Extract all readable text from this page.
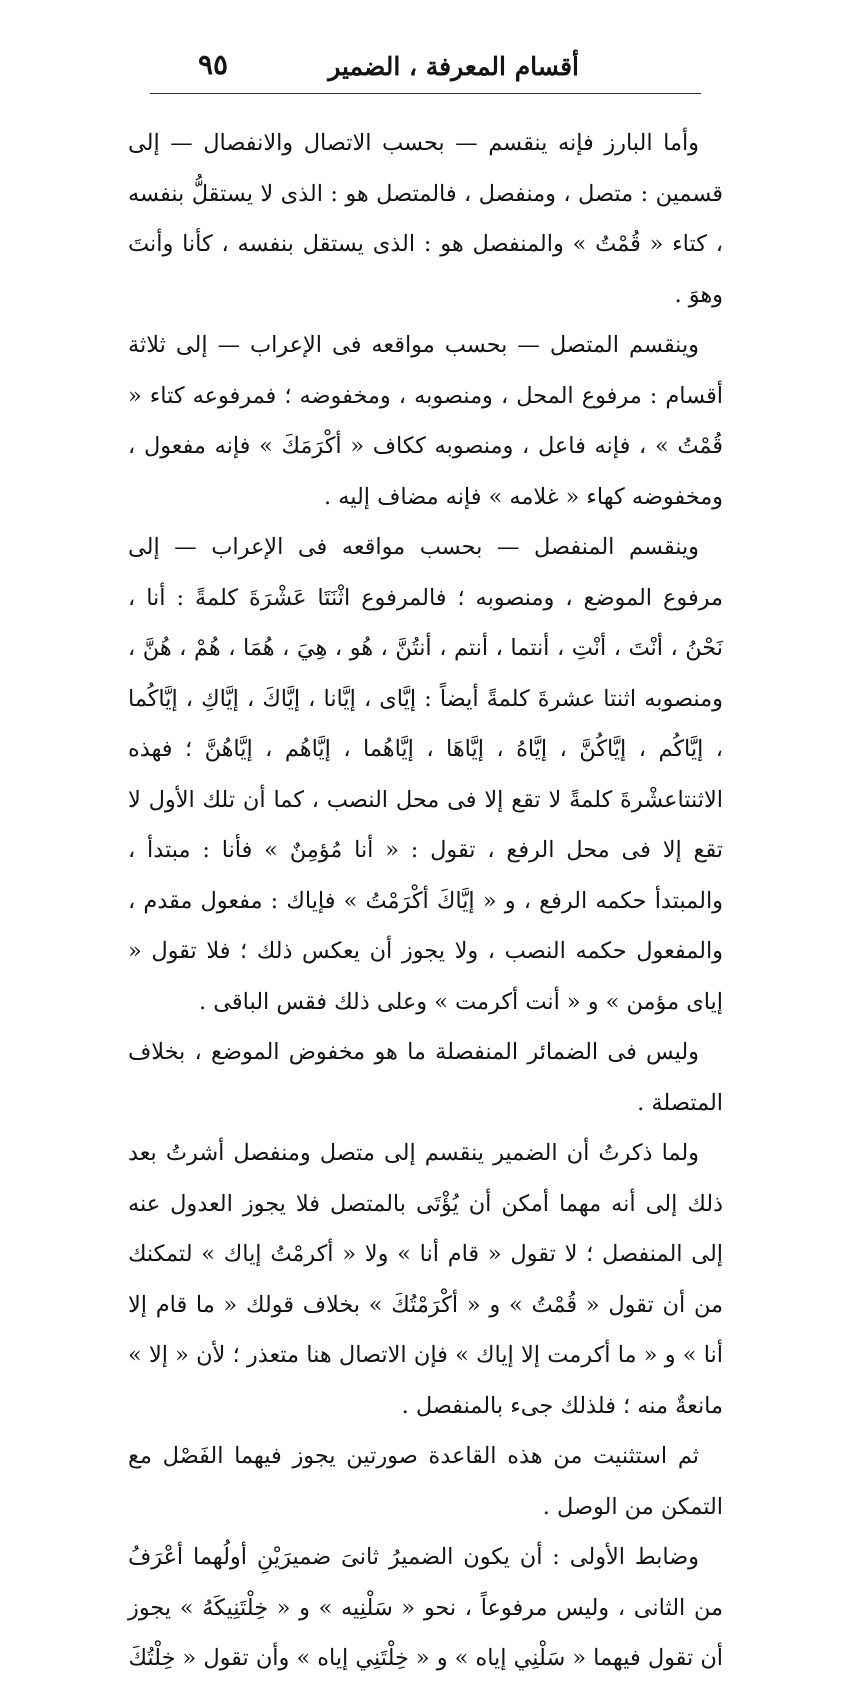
أقسام المعرفة ، الضمير
٩٥

وأما البارز فإنه ينقسم — بحسب الاتصال والانفصال — إلى قسمين : متصل ، ومنفصل ، فالمتصل هو : الذى لا يستقلُّ بنفسه ، كتاء « قُمْتُ » والمنفصل هو : الذى يستقل بنفسه ، كأنا وأنتَ وهوَ .

وينقسم المتصل — بحسب مواقعه فى الإعراب — إلى ثلاثة أقسام : مرفوع المحل ، ومنصوبه ، ومخفوضه ؛ فمرفوعه كتاء « قُمْتُ » ، فإنه فاعل ، ومنصوبه ككاف « أكْرَمَكَ » فإنه مفعول ، ومخفوضه كهاء « غلامه » فإنه مضاف إليه .

وينقسم المنفصل — بحسب مواقعه فى الإعراب — إلى مرفوع الموضع ، ومنصوبه ؛ فالمرفوع اثْنَتَا عَشْرَةَ كلمةً : أنا ، نَحْنُ ، أنْتَ ، أنْتِ ، أنتما ، أنتم ، أنتُنَّ ، هُو ، هِيَ ، هُمَا ، هُمْ ، هُنَّ ، ومنصوبه اثنتا عشرةَ كلمةً أيضاً : إيَّاى ، إيَّانا ، إيَّاكَ ، إيَّاكِ ، إيَّاكُما ، إيَّاكُم ، إيَّاكُنَّ ، إيَّاهُ ، إيَّاهَا ، إيَّاهُما ، إيَّاهُم ، إيَّاهُنَّ ؛ فهذه الاثنتاعشْرةَ كلمةً لا تقع إلا فى محل النصب ، كما أن تلك الأول لا تقع إلا فى محل الرفع ، تقول : « أنا مُؤمِنٌ » فأنا : مبتدأ ، والمبتدأ حكمه الرفع ، و « إيَّاكَ أكْرَمْتُ » فإياك : مفعول مقدم ، والمفعول حكمه النصب ، ولا يجوز أن يعكس ذلك ؛ فلا تقول « إياى مؤمن » و « أنت أكرمت » وعلى ذلك فقس الباقى .

وليس فى الضمائر المنفصلة ما هو مخفوض الموضع ، بخلاف المتصلة .

ولما ذكرتُ أن الضمير ينقسم إلى متصل ومنفصل أشرتُ بعد ذلك إلى أنه مهما أمكن أن يُؤْتَى بالمتصل فلا يجوز العدول عنه إلى المنفصل ؛ لا تقول « قام أنا » ولا « أكرمْتُ إياك » لتمكنك من أن تقول « قُمْتُ » و « أكْرَمْتُكَ » بخلاف قولك « ما قام إلا أنا » و « ما أكرمت إلا إياك » فإن الاتصال هنا متعذر ؛ لأن « إلا » مانعةٌ منه ؛ فلذلك جىء بالمنفصل .

ثم استثنيت من هذه القاعدة صورتين يجوز فيهما الفَصْل مع التمكن من الوصل .

وضابط الأولى : أن يكون الضميرُ ثانىَ ضميرَيْنِ أولُهما أعْرَفُ من الثانى ، وليس مرفوعاً ، نحو « سَلْنِيه » و « خِلْتَنِيكَهُ » يجوز أن تقول فيهما « سَلْنِي إياه » و « خِلْتَنِي إياه » وأن تقول « خِلْتُكَ
